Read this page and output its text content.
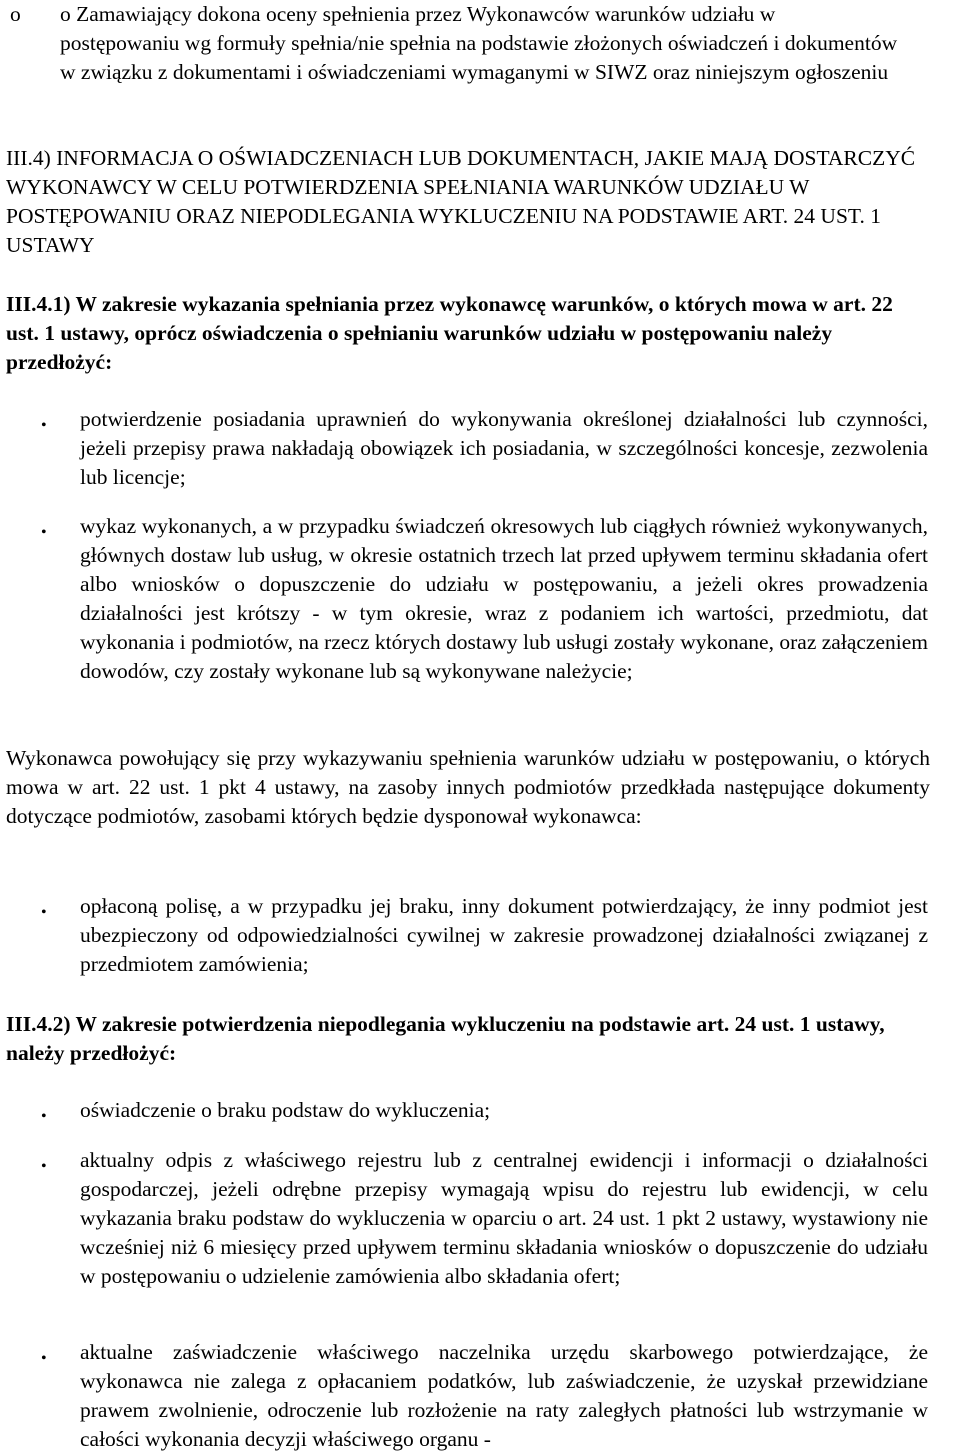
o	o Zamawiający dokona oceny spełnienia przez Wykonawców warunków udziału w postępowaniu wg formuły spełnia/nie spełnia na podstawie złożonych oświadczeń i dokumentów w związku z dokumentami i oświadczeniami wymaganymi w SIWZ oraz niniejszym ogłoszeniu

III.4) INFORMACJA O OŚWIADCZENIACH LUB DOKUMENTACH, JAKIE MAJĄ DOSTARCZYĆ WYKONAWCY W CELU POTWIERDZENIA SPEŁNIANIA WARUNKÓW UDZIAŁU W POSTĘPOWANIU ORAZ NIEPODLEGANIA WYKLUCZENIU NA PODSTAWIE ART. 24 UST. 1 USTAWY

III.4.1) W zakresie wykazania spełniania przez wykonawcę warunków, o których mowa w art. 22 ust. 1 ustawy, oprócz oświadczenia o spełnianiu warunków udziału w postępowaniu należy przedłożyć:

• potwierdzenie posiadania uprawnień do wykonywania określonej działalności lub czynności, jeżeli przepisy prawa nakładają obowiązek ich posiadania, w szczególności koncesje, zezwolenia lub licencje;

• wykaz wykonanych, a w przypadku świadczeń okresowych lub ciągłych również wykonywanych, głównych dostaw lub usług, w okresie ostatnich trzech lat przed upływem terminu składania ofert albo wniosków o dopuszczenie do udziału w postępowaniu, a jeżeli okres prowadzenia działalności jest krótszy - w tym okresie, wraz z podaniem ich wartości, przedmiotu, dat wykonania i podmiotów, na rzecz których dostawy lub usługi zostały wykonane, oraz załączeniem dowodów, czy zostały wykonane lub są wykonywane należycie;

Wykonawca powołujący się przy wykazywaniu spełnienia warunków udziału w postępowaniu, o których mowa w art. 22 ust. 1 pkt 4 ustawy, na zasoby innych podmiotów przedkłada następujące dokumenty dotyczące podmiotów, zasobami których będzie dysponował wykonawca:

• opłaconą polisę, a w przypadku jej braku, inny dokument potwierdzający, że inny podmiot jest ubezpieczony od odpowiedzialności cywilnej w zakresie prowadzonej działalności związanej z przedmiotem zamówienia;

III.4.2) W zakresie potwierdzenia niepodlegania wykluczeniu na podstawie art. 24 ust. 1 ustawy, należy przedłożyć:

• oświadczenie o braku podstaw do wykluczenia;

• aktualny odpis z właściwego rejestru lub z centralnej ewidencji i informacji o działalności gospodarczej, jeżeli odrębne przepisy wymagają wpisu do rejestru lub ewidencji, w celu wykazania braku podstaw do wykluczenia w oparciu o art. 24 ust. 1 pkt 2 ustawy, wystawiony nie wcześniej niż 6 miesięcy przed upływem terminu składania wniosków o dopuszczenie do udziału w postępowaniu o udzielenie zamówienia albo składania ofert;

• aktualne zaświadczenie właściwego naczelnika urzędu skarbowego potwierdzające, że wykonawca nie zalega z opłacaniem podatków, lub zaświadczenie, że uzyskał przewidziane prawem zwolnienie, odroczenie lub rozłożenie na raty zaległych płatności lub wstrzymanie w całości wykonania decyzji właściwego organu -
